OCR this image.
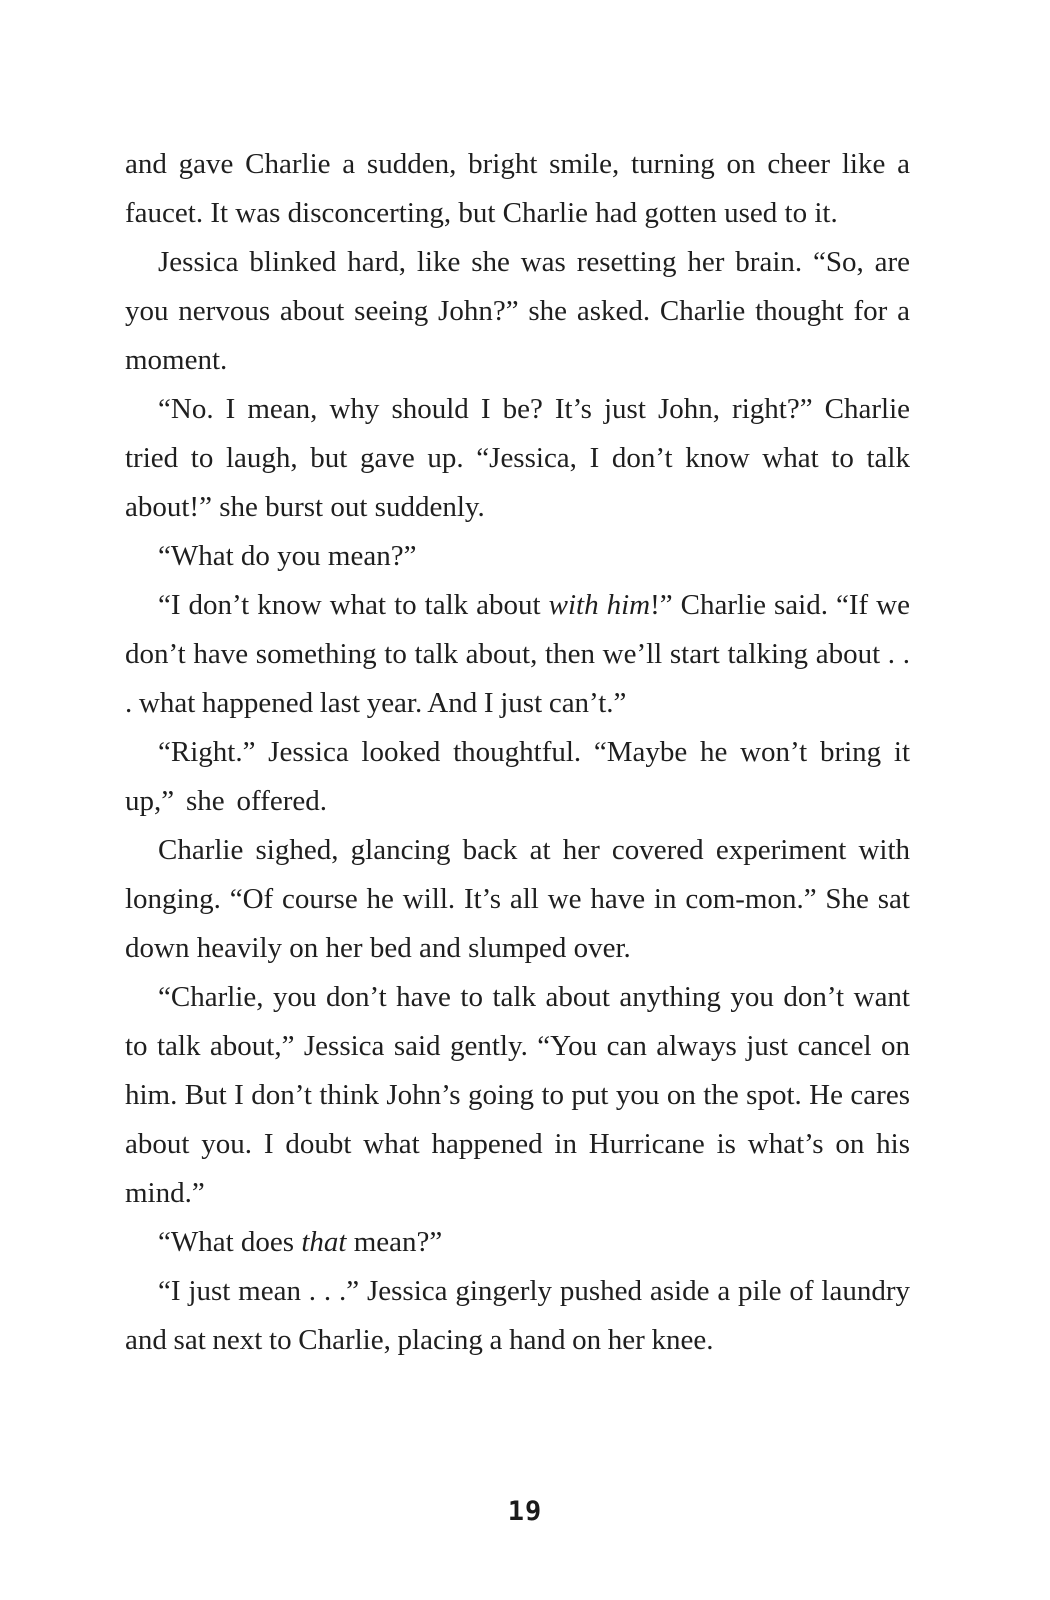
and gave Charlie a sudden, bright smile, turning on cheer like a faucet. It was disconcerting, but Charlie had gotten used to it.

Jessica blinked hard, like she was resetting her brain. “So, are you nervous about seeing John?” she asked. Charlie thought for a moment.

“No. I mean, why should I be? It’s just John, right?” Charlie tried to laugh, but gave up. “Jessica, I don’t know what to talk about!” she burst out suddenly.

“What do you mean?”

“I don’t know what to talk about with him!” Charlie said. “If we don’t have something to talk about, then we’ll start talking about . . . what happened last year. And I just can’t.”

“Right.” Jessica looked thoughtful. “Maybe he won’t bring it up,” she offered.

Charlie sighed, glancing back at her covered experiment with longing. “Of course he will. It’s all we have in com-mon.” She sat down heavily on her bed and slumped over.

“Charlie, you don’t have to talk about anything you don’t want to talk about,” Jessica said gently. “You can always just cancel on him. But I don’t think John’s going to put you on the spot. He cares about you. I doubt what happened in Hurricane is what’s on his mind.”

“What does that mean?”

“I just mean . . .” Jessica gingerly pushed aside a pile of laundry and sat next to Charlie, placing a hand on her knee.

19
